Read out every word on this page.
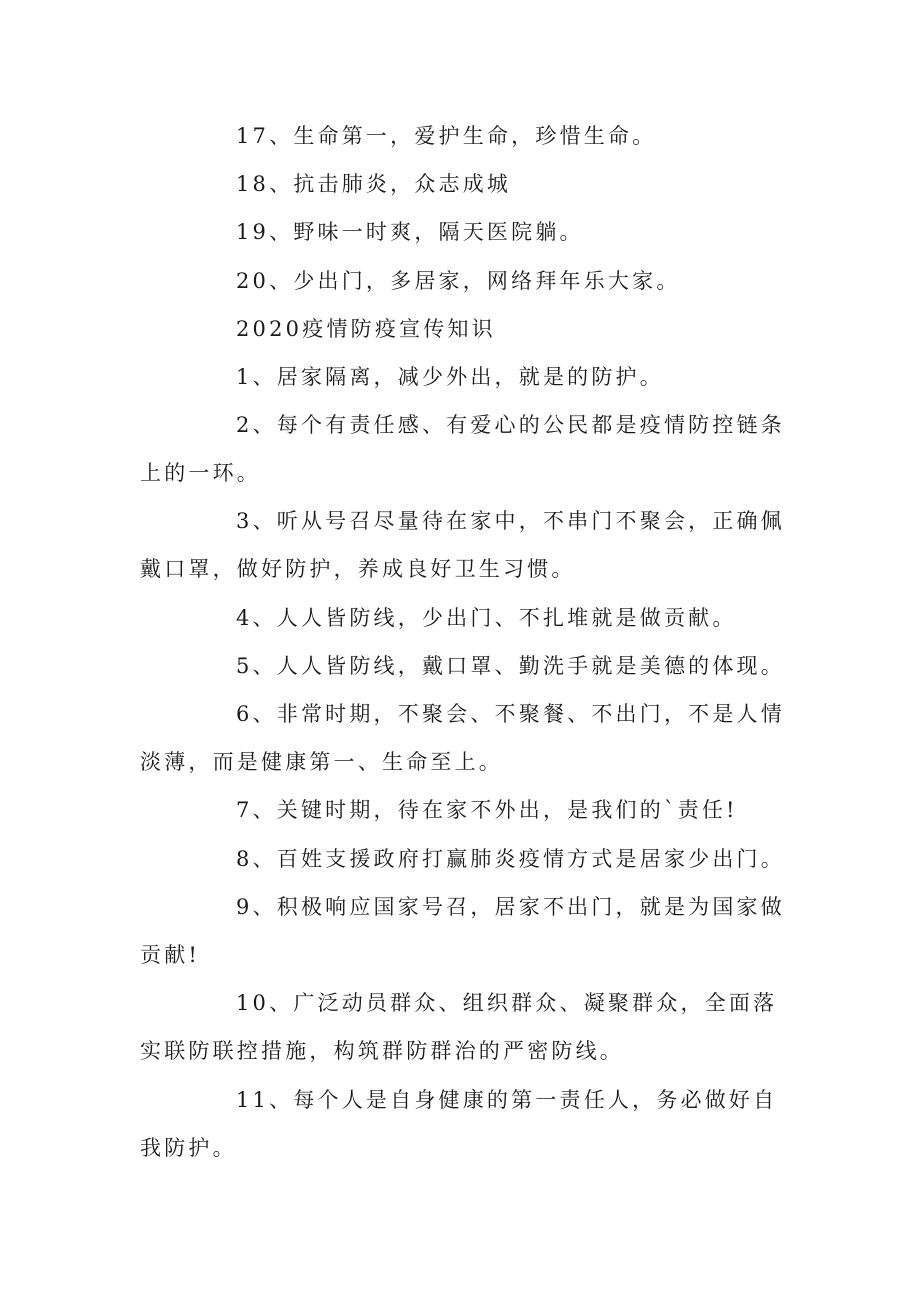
17、生命第一，爱护生命，珍惜生命。

18、抗击肺炎，众志成城

19、野味一时爽，隔天医院躺。

20、少出门，多居家，网络拜年乐大家。

2020疫情防疫宣传知识

1、居家隔离，减少外出，就是的防护。

2、每个有责任感、有爱心的公民都是疫情防控链条上的一环。

3、听从号召尽量待在家中，不串门不聚会，正确佩戴口罩，做好防护，养成良好卫生习惯。

4、人人皆防线，少出门、不扎堆就是做贡献。

5、人人皆防线，戴口罩、勤洗手就是美德的体现。

6、非常时期，不聚会、不聚餐、不出门，不是人情淡薄，而是健康第一、生命至上。

7、关键时期，待在家不外出，是我们的`责任!

8、百姓支援政府打赢肺炎疫情方式是居家少出门。

9、积极响应国家号召，居家不出门，就是为国家做贡献!

10、广泛动员群众、组织群众、凝聚群众，全面落实联防联控措施，构筑群防群治的严密防线。

11、每个人是自身健康的第一责任人，务必做好自我防护。
